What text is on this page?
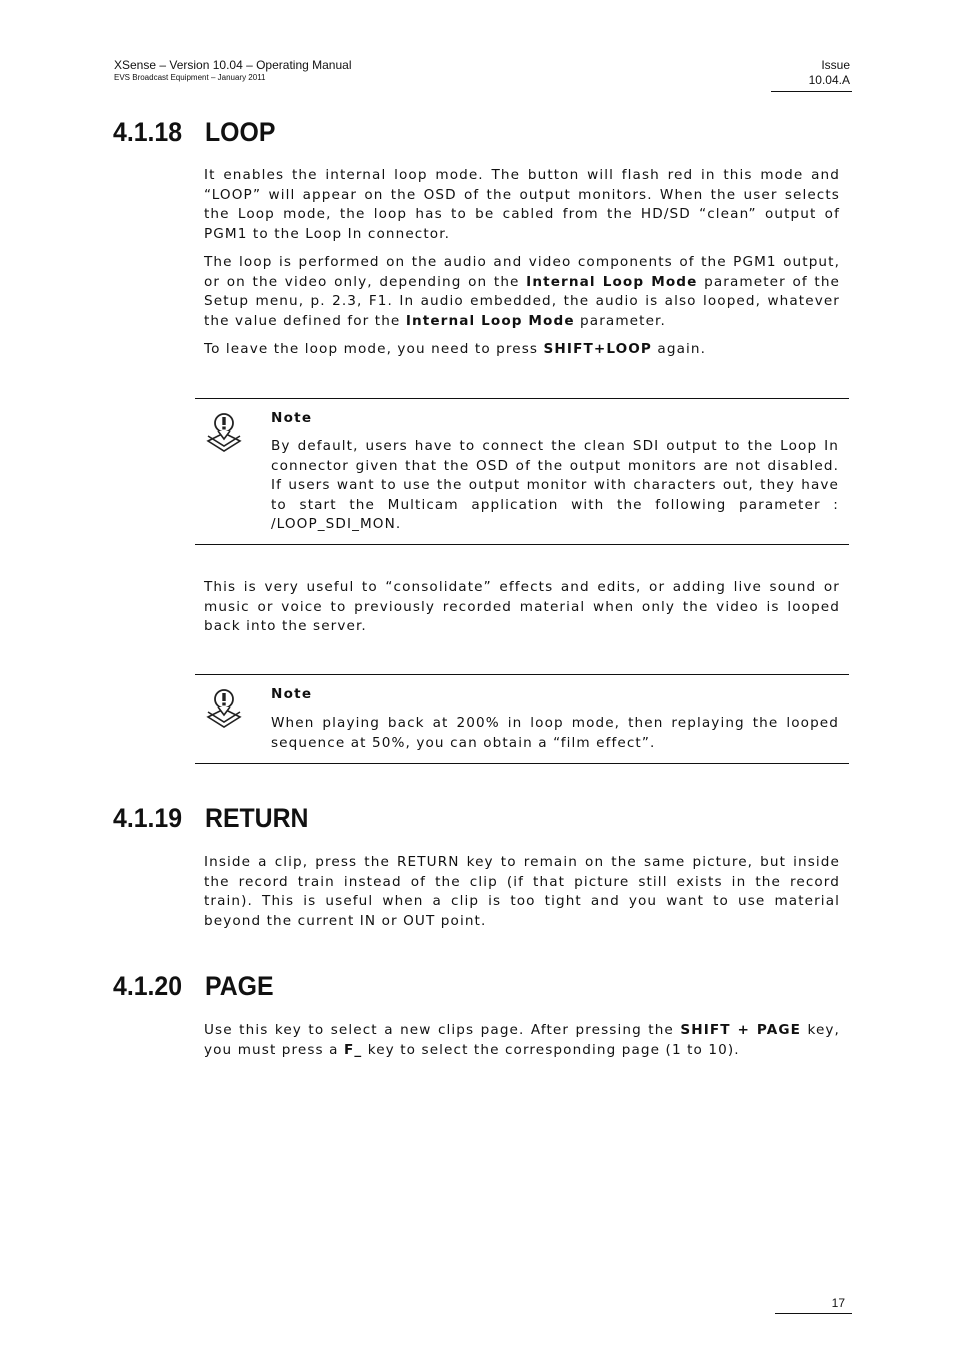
XSense – Version 10.04 – Operating Manual
EVS Broadcast Equipment – January 2011
Issue
10.04.A
4.1.18 LOOP

It enables the internal loop mode. The button will flash red in this mode and “LOOP” will appear on the OSD of the output monitors. When the user selects the Loop mode, the loop has to be cabled from the HD/SD “clean” output of PGM1 to the Loop In connector.

The loop is performed on the audio and video components of the PGM1 output, or on the video only, depending on the Internal Loop Mode parameter of the Setup menu, p. 2.3, F1. In audio embedded, the audio is also looped, whatever the value defined for the Internal Loop Mode parameter.

To leave the loop mode, you need to press SHIFT+LOOP again.

Note

By default, users have to connect the clean SDI output to the Loop In connector given that the OSD of the output monitors are not disabled. If users want to use the output monitor with characters out, they have to start the Multicam application with the following parameter : /LOOP_SDI_MON.

This is very useful to “consolidate” effects and edits, or adding live sound or music or voice to previously recorded material when only the video is looped back into the server.

Note

When playing back at 200% in loop mode, then replaying the looped sequence at 50%, you can obtain a “film effect”.

4.1.19 RETURN

Inside a clip, press the RETURN key to remain on the same picture, but inside the record train instead of the clip (if that picture still exists in the record train). This is useful when a clip is too tight and you want to use material beyond the current IN or OUT point.

4.1.20 PAGE

Use this key to select a new clips page. After pressing the SHIFT + PAGE key, you must press a F_ key to select the corresponding page (1 to 10).

17
